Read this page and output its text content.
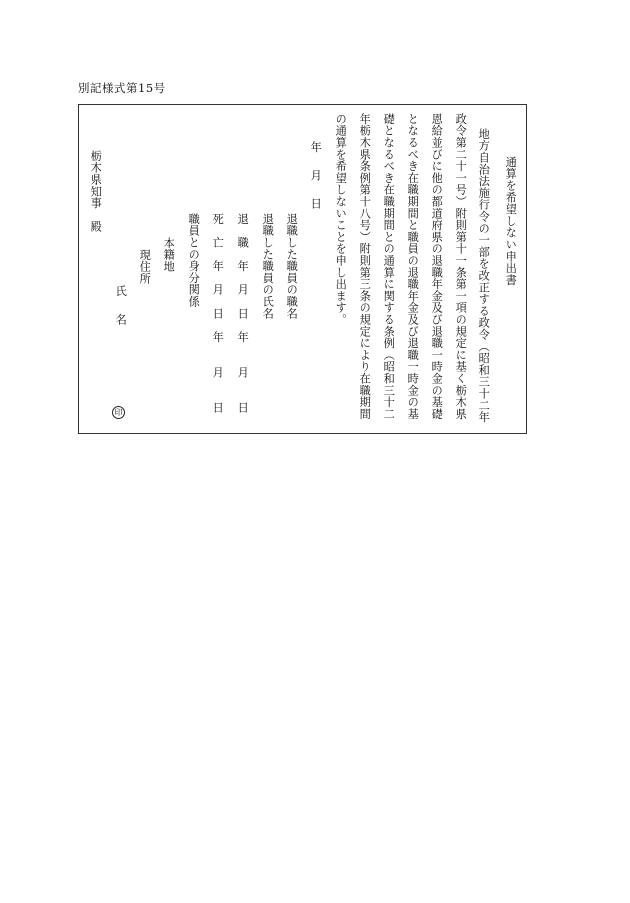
別記様式第15号
通算を希望しない申出書
地方自治法施行令の一部を改正する政令（昭和三十二年
政令第二十一号）附則第十一条第一項の規定に基く栃木県
恩給並びに他の都道府県の退職年金及び退職一時金の基礎
となるべき在職期間と職員の退職年金及び退職一時金の基
礎となるべき在職期間との通算に関する条例（昭和三十二
年栃木県条例第十八号）附則第三条の規定により在職期間
の通算を希望しないことを申し出ます。
年　月　日
退職した職員の職名
退職した職員の氏名
退　職　年　月　日　年　　月　　日
死　亡　年　月　日　年　　月　　日
職員との身分関係
本籍地
現住所
氏　名
印
栃木県知事　殿
